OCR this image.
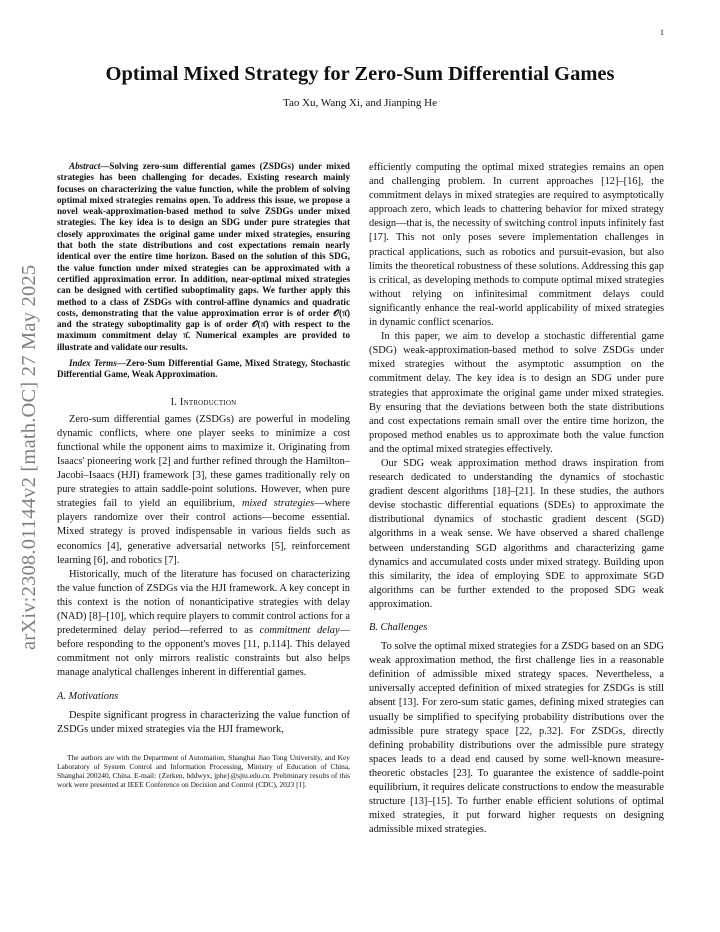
1
arXiv:2308.01144v2 [math.OC] 27 May 2025
Optimal Mixed Strategy for Zero-Sum Differential Games
Tao Xu, Wang Xi, and Jianping He

Abstract—Solving zero-sum differential games (ZSDGs) under mixed strategies has been challenging for decades. Existing research mainly focuses on characterizing the value function, while the problem of solving optimal mixed strategies remains open. To address this issue, we propose a novel weak-approximation-based method to solve ZSDGs under mixed strategies. The key idea is to design an SDG under pure strategies that closely approximates the original game under mixed strategies, ensuring that both the state distributions and cost expectations remain nearly identical over the entire time horizon. Based on the solution of this SDG, the value function under mixed strategies can be approximated with a certified approximation error. In addition, near-optimal mixed strategies can be designed with certified suboptimality gaps. We further apply this method to a class of ZSDGs with control-affine dynamics and quadratic costs, demonstrating that the value approximation error is of order 𝒪(π̄) and the strategy suboptimality gap is of order 𝒪(π̄) with respect to the maximum commitment delay π̄. Numerical examples are provided to illustrate and validate our results.

Index Terms—Zero-Sum Differential Game, Mixed Strategy, Stochastic Differential Game, Weak Approximation.

I. Introduction

Zero-sum differential games (ZSDGs) are powerful in modeling dynamic conflicts, where one player seeks to minimize a cost functional while the opponent aims to maximize it. Originating from Isaacs' pioneering work [2] and further refined through the Hamilton–Jacobi–Isaacs (HJI) framework [3], these games traditionally rely on pure strategies to attain saddle-point solutions. However, when pure strategies fail to yield an equilibrium, mixed strategies—where players randomize over their control actions—become essential. Mixed strategy is proved indispensable in various fields such as economics [4], generative adversarial networks [5], reinforcement learning [6], and robotics [7].

Historically, much of the literature has focused on characterizing the value function of ZSDGs via the HJI framework. A key concept in this context is the notion of nonanticipative strategies with delay (NAD) [8]–[10], which require players to commit control actions for a predetermined delay period—referred to as commitment delay—before responding to the opponent's moves [11, p.114]. This delayed commitment not only mirrors realistic constraints but also helps manage analytical challenges inherent in differential games.

A. Motivations

Despite significant progress in characterizing the value function of ZSDGs under mixed strategies via the HJI framework,

The authors are with the Department of Automation, Shanghai Jiao Tong University, and Key Laboratory of System Control and Information Processing, Ministry of Education of China, Shanghai 200240, China. E-mail: {Zerken, bddwyx, jphe}@sjtu.edu.cn. Preliminary results of this work were presented at IEEE Conference on Decision and Control (CDC), 2023 [1].

efficiently computing the optimal mixed strategies remains an open and challenging problem. In current approaches [12]–[16], the commitment delays in mixed strategies are required to asymptotically approach zero, which leads to chattering behavior for mixed strategy design—that is, the necessity of switching control inputs infinitely fast [17]. This not only poses severe implementation challenges in practical applications, such as robotics and pursuit-evasion, but also limits the theoretical robustness of these solutions. Addressing this gap is critical, as developing methods to compute optimal mixed strategies without relying on infinitesimal commitment delays could significantly enhance the real-world applicability of mixed strategies in dynamic conflict scenarios.

In this paper, we aim to develop a stochastic differential game (SDG) weak-approximation-based method to solve ZSDGs under mixed strategies without the asymptotic assumption on the commitment delay. The key idea is to design an SDG under pure strategies that approximate the original game under mixed strategies. By ensuring that the deviations between both the state distributions and cost expectations remain small over the entire time horizon, the proposed method enables us to approximate both the value function and the optimal mixed strategies effectively.

Our SDG weak approximation method draws inspiration from research dedicated to understanding the dynamics of stochastic gradient descent algorithms [18]–[21]. In these studies, the authors devise stochastic differential equations (SDEs) to approximate the distributional dynamics of stochastic gradient descent (SGD) algorithms in a weak sense. We have observed a shared challenge between understanding SGD algorithms and characterizing game dynamics and accumulated costs under mixed strategy. Building upon this similarity, the idea of employing SDE to approximate SGD algorithms can be further extended to the proposed SDG weak approximation.

B. Challenges

To solve the optimal mixed strategies for a ZSDG based on an SDG weak approximation method, the first challenge lies in a reasonable definition of admissible mixed strategy spaces. Nevertheless, a universally accepted definition of mixed strategies for ZSDGs is still absent [13]. For zero-sum static games, defining mixed strategies can usually be simplified to specifying probability distributions over the admissible pure strategy space [22, p.32]. For ZSDGs, directly defining probability distributions over the admissible pure strategy spaces leads to a dead end caused by some well-known measure-theoretic obstacles [23]. To guarantee the existence of saddle-point equilibrium, it requires delicate constructions to endow the measurable structure [13]–[15]. To further enable efficient solutions of optimal mixed strategies, it put forward higher requests on designing admissible mixed strategies.
